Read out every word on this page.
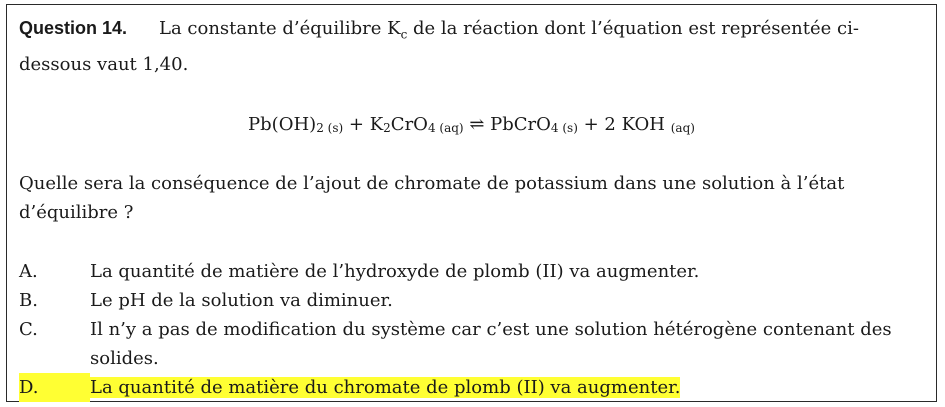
Question 14. La constante d’équilibre $K_c$ de la réaction dont l’équation est représentée ci-dessous vaut 1,40.

$Pb(OH)_{2 (s)} + K_2CrO_{4 (aq)}$ ⇌ PbCrO$_{4 (s)}$ + 2 KOH $_{(aq)}$

Quelle sera la conséquence de l’ajout de chromate de potassium dans une solution à l’état d’équilibre ?

A.	La quantité de matière de l’hydroxyde de plomb (II) va augmenter.
B.	Le pH de la solution va diminuer.
C.	Il n’y a pas de modification du système car c’est une solution hétérogène contenant des solides.
D.	La quantité de matière du chromate de plomb (II) va augmenter.
